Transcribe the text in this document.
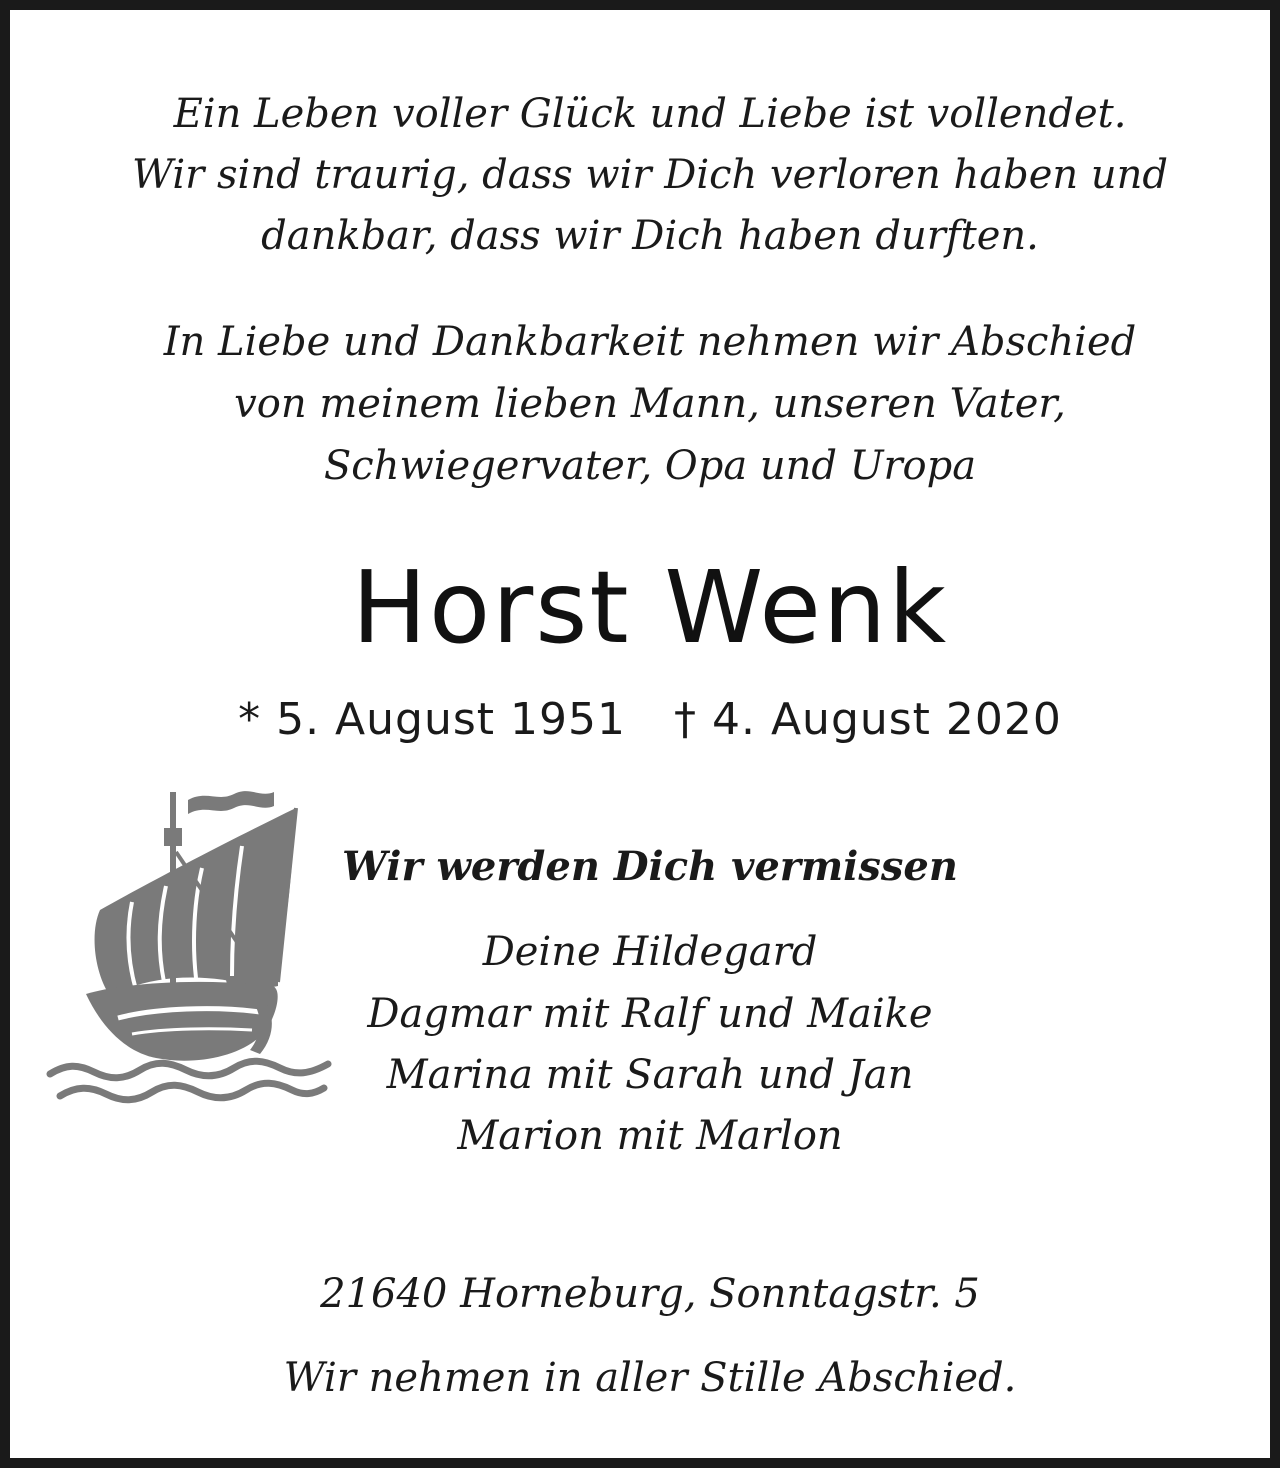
Ein Leben voller Glück und Liebe ist vollendet.
Wir sind traurig, dass wir Dich verloren haben und
dankbar, dass wir Dich haben durften.
In Liebe und Dankbarkeit nehmen wir Abschied
von meinem lieben Mann, unseren Vater,
Schwiegervater, Opa und Uropa
Horst Wenk
* 5. August 1951 † 4. August 2020
Wir werden Dich vermissen
Deine Hildegard
Dagmar mit Ralf und Maike
Marina mit Sarah und Jan
Marion mit Marlon
21640 Horneburg, Sonntagstr. 5
Wir nehmen in aller Stille Abschied.
